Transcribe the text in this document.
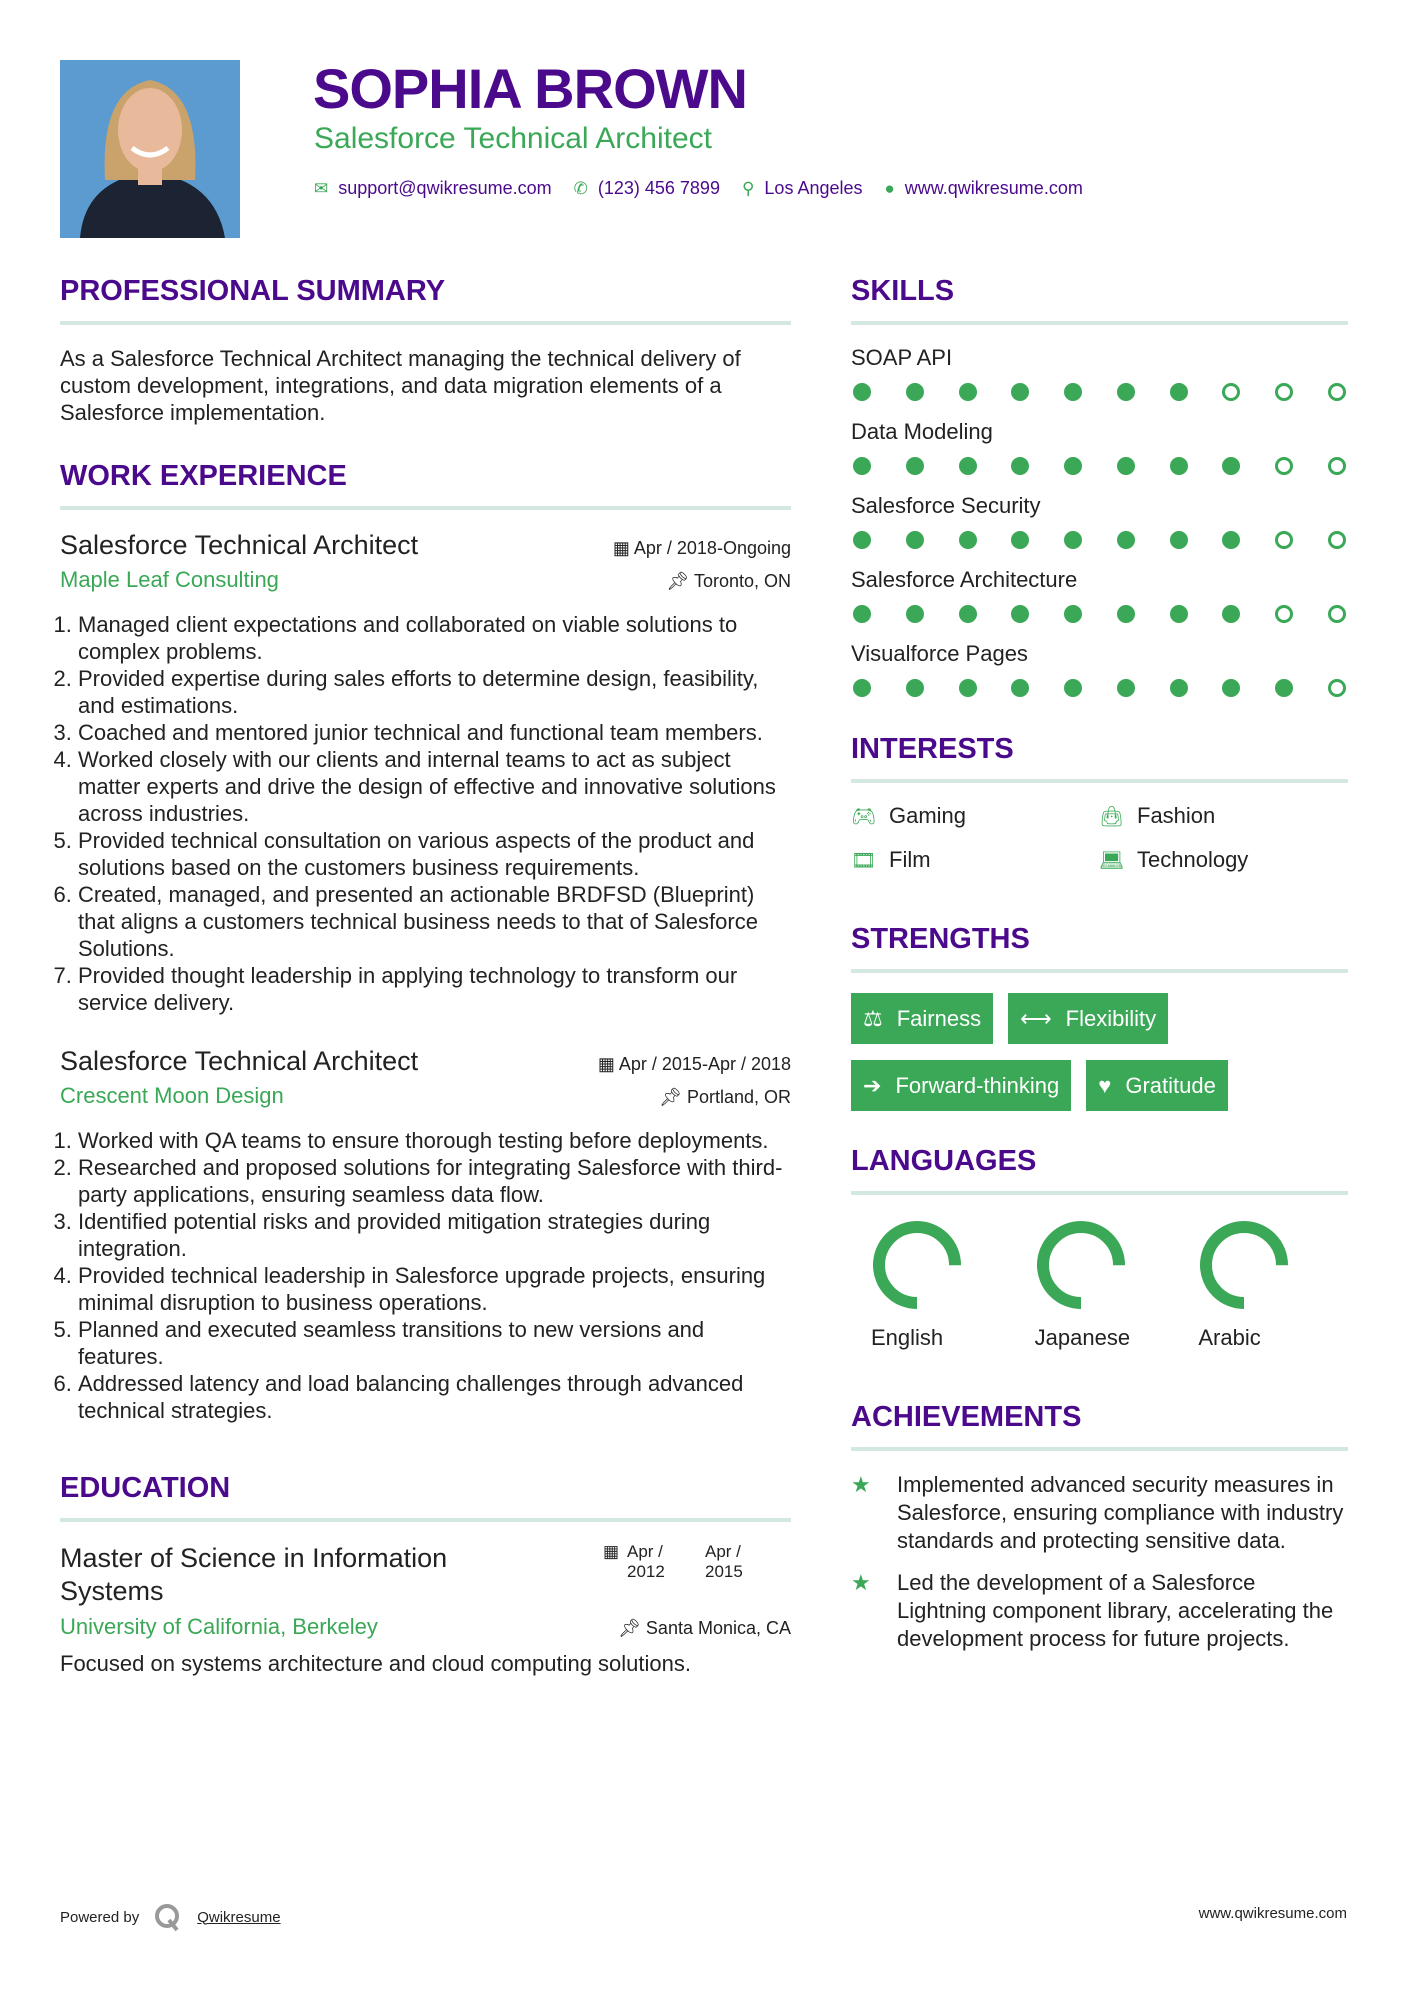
SOPHIA BROWN
Salesforce Technical Architect
✉ support@qwikresume.com ✆ (123) 456 7899 ⚲ Los Angeles ● www.qwikresume.com
PROFESSIONAL SUMMARY
As a Salesforce Technical Architect managing the technical delivery of custom development, integrations, and data migration elements of a Salesforce implementation.
WORK EXPERIENCE
Salesforce Technical Architect	▦ Apr / 2018-Ongoing
Maple Leaf Consulting	📌︎ Toronto, ON
1. Managed client expectations and collaborated on viable solutions to complex problems.
2. Provided expertise during sales efforts to determine design, feasibility, and estimations.
3. Coached and mentored junior technical and functional team members.
4. Worked closely with our clients and internal teams to act as subject matter experts and drive the design of effective and innovative solutions across industries.
5. Provided technical consultation on various aspects of the product and solutions based on the customers business requirements.
6. Created, managed, and presented an actionable BRDFSD (Blueprint) that aligns a customers technical business needs to that of Salesforce Solutions.
7. Provided thought leadership in applying technology to transform our service delivery.
Salesforce Technical Architect	▦ Apr / 2015-Apr / 2018
Crescent Moon Design	📌︎ Portland, OR
1. Worked with QA teams to ensure thorough testing before deployments.
2. Researched and proposed solutions for integrating Salesforce with third-party applications, ensuring seamless data flow.
3. Identified potential risks and provided mitigation strategies during integration.
4. Provided technical leadership in Salesforce upgrade projects, ensuring minimal disruption to business operations.
5. Planned and executed seamless transitions to new versions and features.
6. Addressed latency and load balancing challenges through advanced technical strategies.
EDUCATION
Master of Science in Information Systems
▦ Apr / 2012
Apr / 2015
University of California, Berkeley	📌︎ Santa Monica, CA
Focused on systems architecture and cloud computing solutions.
SKILLS
SOAP API
Data Modeling
Salesforce Security
Salesforce Architecture
Visualforce Pages
INTERESTS
🎮︎ Gaming	👜︎ Fashion
🎞︎ Film	💻︎ Technology
STRENGTHS
⚖ Fairness ⟷ Flexibility
➔ Forward-thinking ♥ Gratitude
LANGUAGES
English	Japanese	Arabic
ACHIEVEMENTS
★	Implemented advanced security measures in Salesforce, ensuring compliance with industry standards and protecting sensitive data.
★	Led the development of a Salesforce Lightning component library, accelerating the development process for future projects.
Powered by	Qwikresume	www.qwikresume.com
